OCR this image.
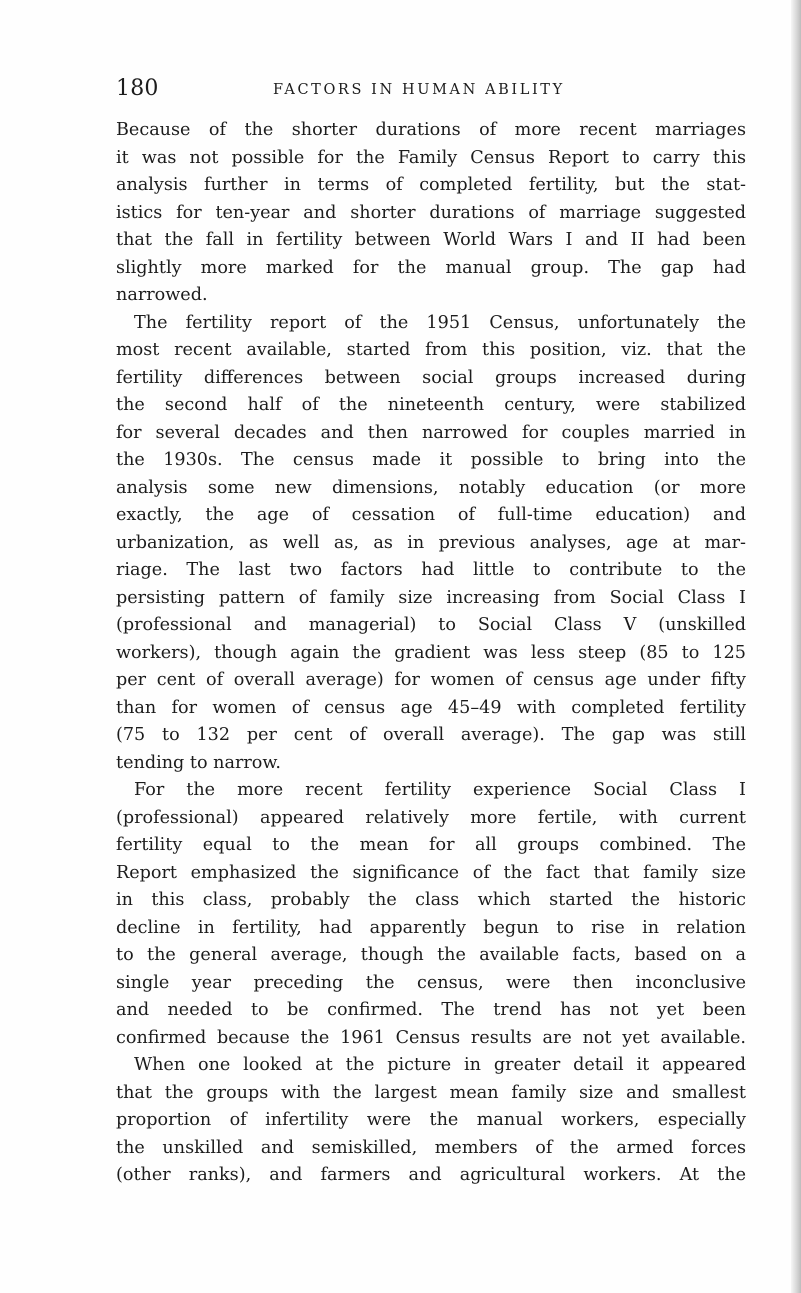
180	FACTORS IN HUMAN ABILITY
Because of the shorter durations of more recent marriages
it was not possible for the Family Census Report to carry this
analysis further in terms of completed fertility, but the stat-
istics for ten-year and shorter durations of marriage suggested
that the fall in fertility between World Wars I and II had been
slightly more marked for the manual group. The gap had
narrowed.
The fertility report of the 1951 Census, unfortunately the
most recent available, started from this position, viz. that the
fertility differences between social groups increased during
the second half of the nineteenth century, were stabilized
for several decades and then narrowed for couples married in
the 1930s. The census made it possible to bring into the
analysis some new dimensions, notably education (or more
exactly, the age of cessation of full-time education) and
urbanization, as well as, as in previous analyses, age at mar-
riage. The last two factors had little to contribute to the
persisting pattern of family size increasing from Social Class I
(professional and managerial) to Social Class V (unskilled
workers), though again the gradient was less steep (85 to 125
per cent of overall average) for women of census age under fifty
than for women of census age 45–49 with completed fertility
(75 to 132 per cent of overall average). The gap was still
tending to narrow.
For the more recent fertility experience Social Class I
(professional) appeared relatively more fertile, with current
fertility equal to the mean for all groups combined. The
Report emphasized the significance of the fact that family size
in this class, probably the class which started the historic
decline in fertility, had apparently begun to rise in relation
to the general average, though the available facts, based on a
single year preceding the census, were then inconclusive
and needed to be confirmed. The trend has not yet been
confirmed because the 1961 Census results are not yet available.
When one looked at the picture in greater detail it appeared
that the groups with the largest mean family size and smallest
proportion of infertility were the manual workers, especially
the unskilled and semiskilled, members of the armed forces
(other ranks), and farmers and agricultural workers. At the
